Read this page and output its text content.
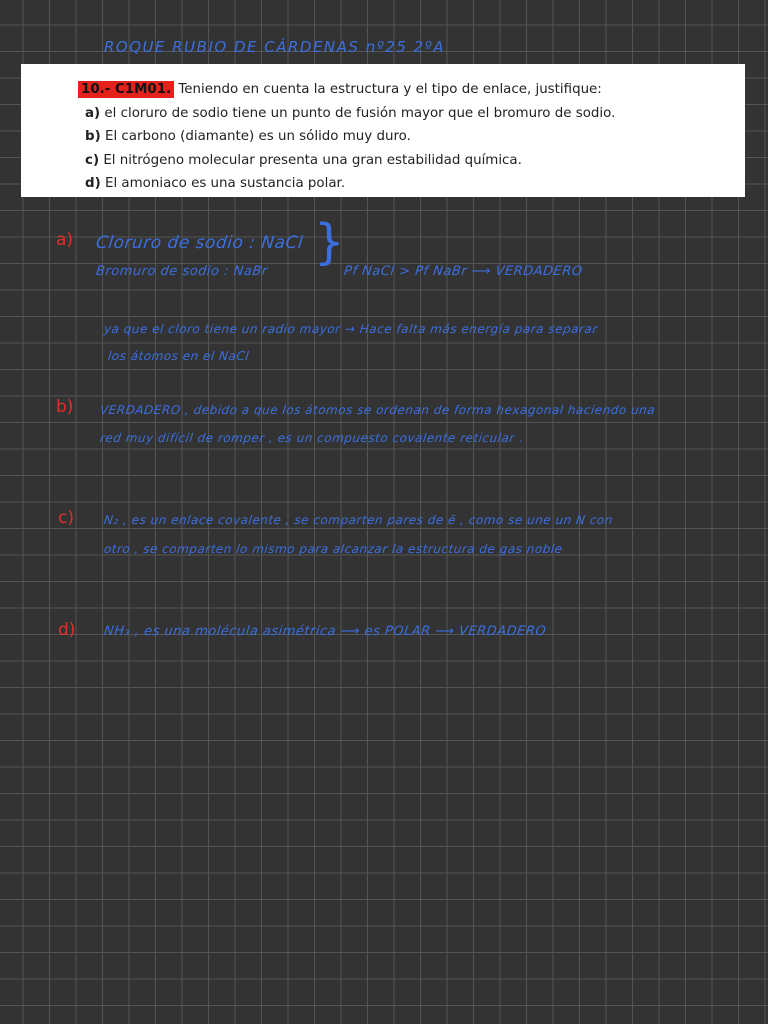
ROQUE RUBIO DE CÁRDENAS nº25 2ºA
10.- C1M01. Teniendo en cuenta la estructura y el tipo de enlace, justifique:
a) el cloruro de sodio tiene un punto de fusión mayor que el bromuro de sodio.
b) El carbono (diamante) es un sólido muy duro.
c) El nitrógeno molecular presenta una gran estabilidad química.
d) El amoniaco es una sustancia polar.
a) Cloruro de sodio : NaCl
Bromuro de sodio : NaBr
}
Pf NaCl > Pf NaBr ⟶ VERDADERO
ya que el cloro tiene un radio mayor → Hace falta más energía para separar
los átomos en el NaCl
b) VERDADERO , debido a que los átomos se ordenan de forma hexagonal haciendo una
red muy difícil de romper , es un compuesto covalente reticular .
c) N₂ , es un enlace covalente , se comparten pares de ē , como se une un N con
otro , se comparten lo mismo para alcanzar la estructura de gas noble
d) NH₃ , es una molécula asimétrica ⟶ es POLAR ⟶ VERDADERO
